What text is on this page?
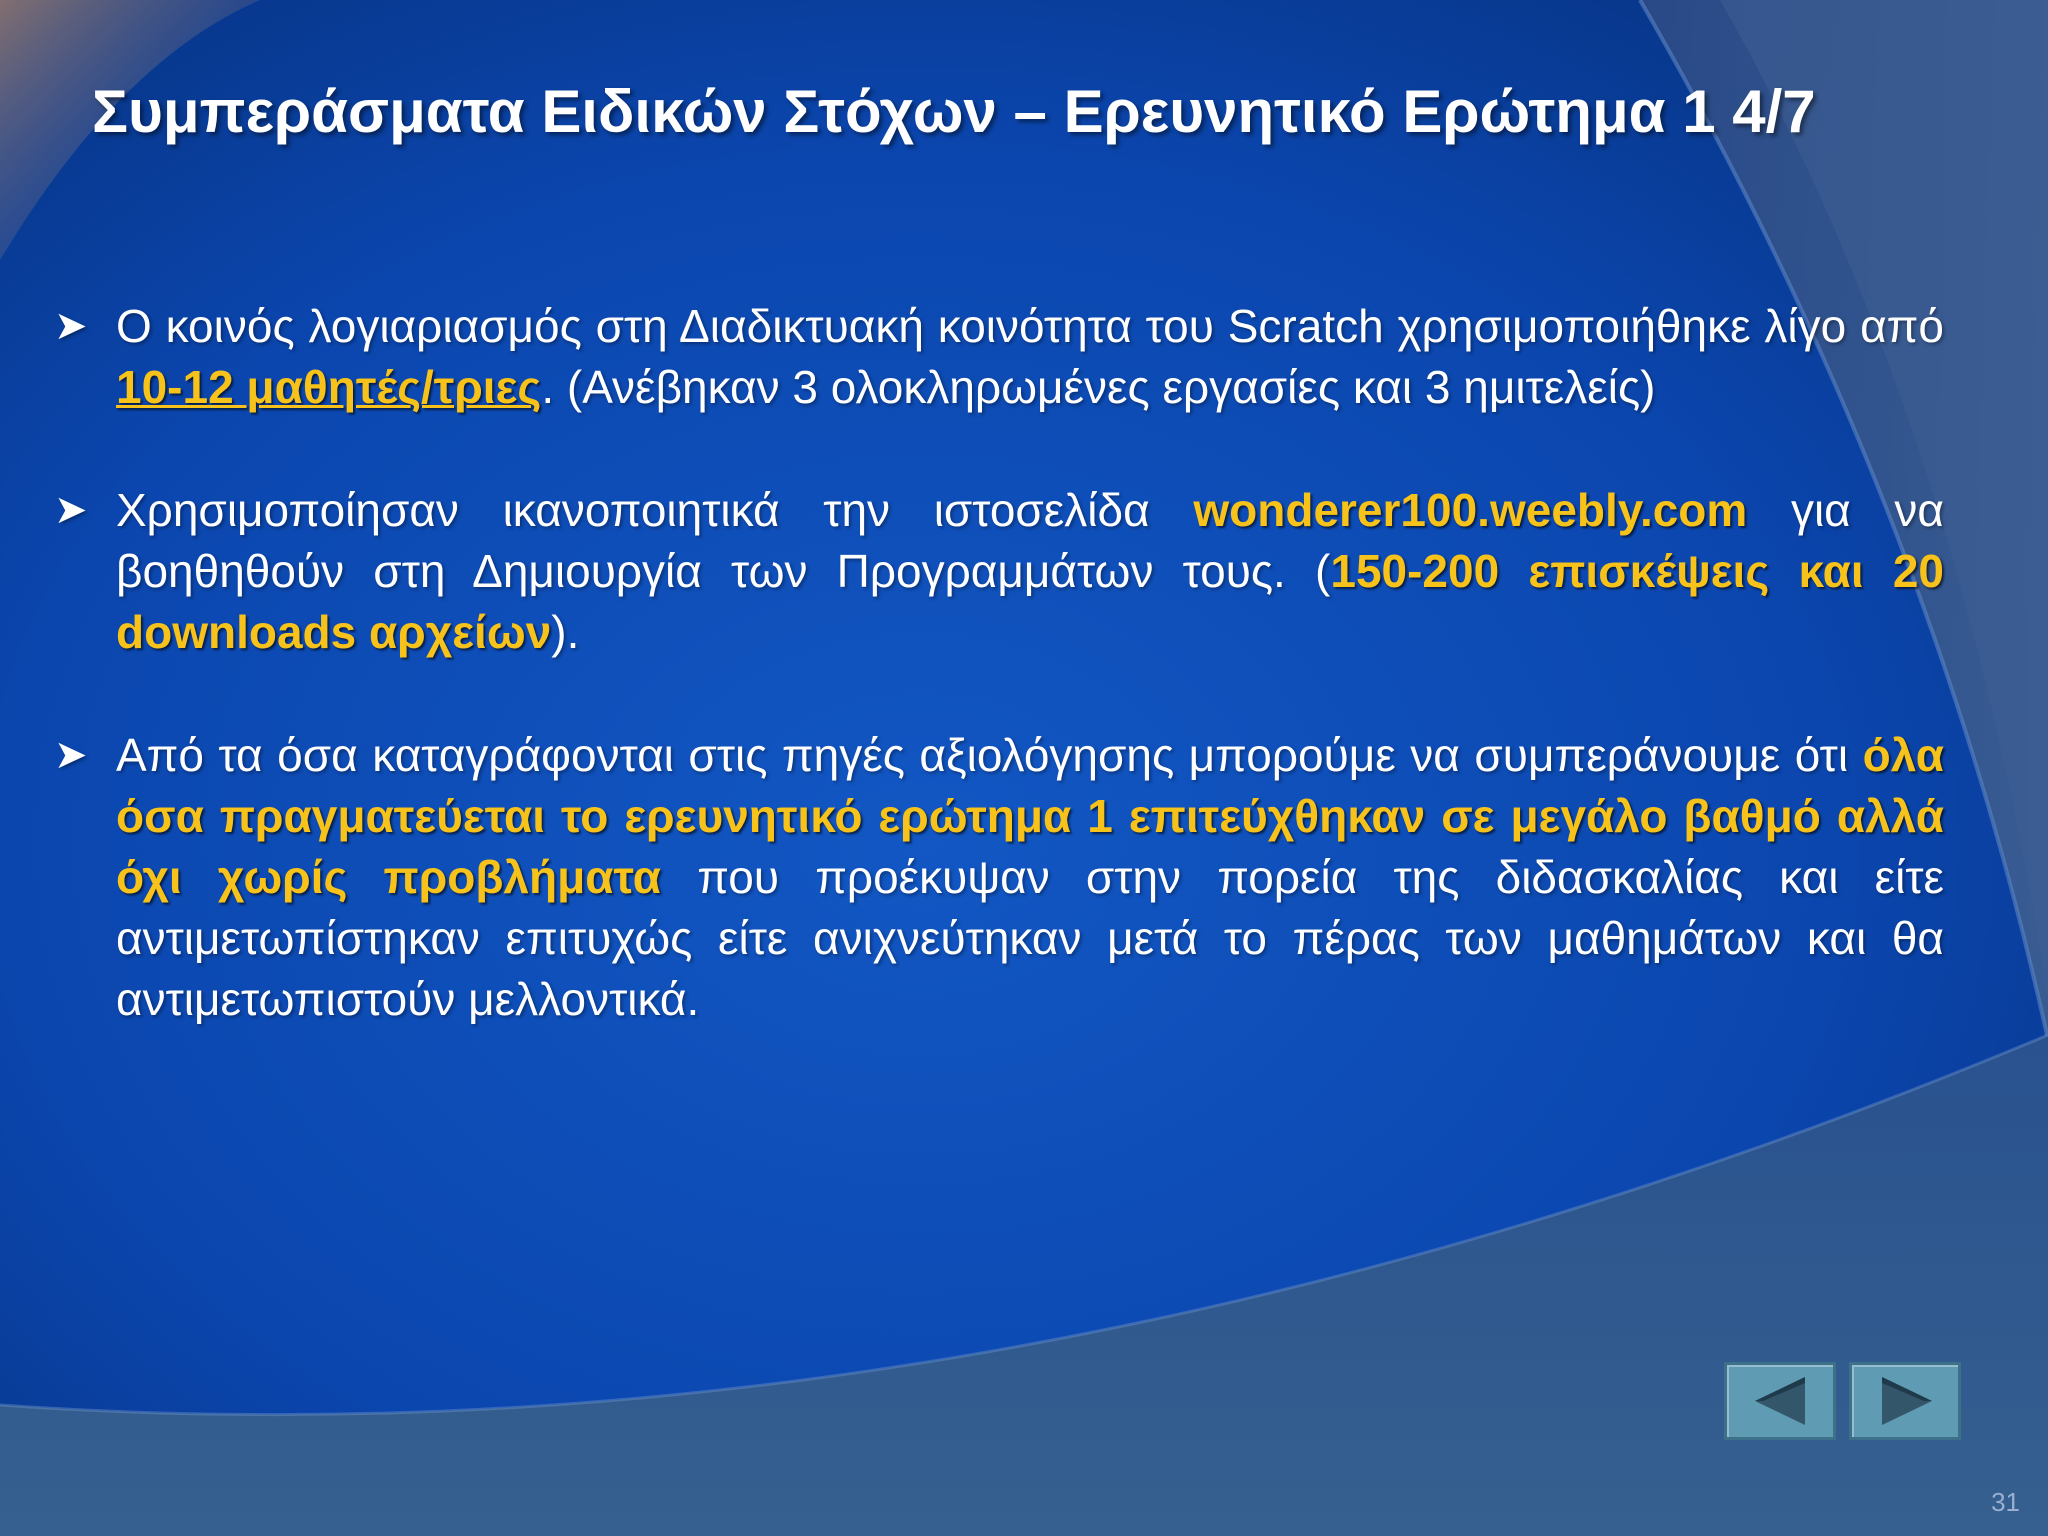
Συμπεράσματα Ειδικών Στόχων – Ερευνητικό Ερώτημα 1 4/7
➤ Ο κοινός λογιαριασμός στη Διαδικτυακή κοινότητα του Scratch χρησιμοποιήθηκε λίγο από 10-12 μαθητές/τριες. (Ανέβηκαν 3 ολοκληρωμένες εργασίες και 3 ημιτελείς)
➤ Χρησιμοποίησαν ικανοποιητικά την ιστοσελίδα wonderer100.weebly.com για να βοηθηθούν στη Δημιουργία των Προγραμμάτων τους. (150-200 επισκέψεις και 20 downloads αρχείων).
➤ Από τα όσα καταγράφονται στις πηγές αξιολόγησης μπορούμε να συμπεράνουμε ότι όλα όσα πραγματεύεται το ερευνητικό ερώτημα 1 επιτεύχθηκαν σε μεγάλο βαθμό αλλά όχι χωρίς προβλήματα που προέκυψαν στην πορεία της διδασκαλίας και είτε αντιμετωπίστηκαν επιτυχώς είτε ανιχνεύτηκαν μετά το πέρας των μαθημάτων και θα αντιμετωπιστούν μελλοντικά.
31
